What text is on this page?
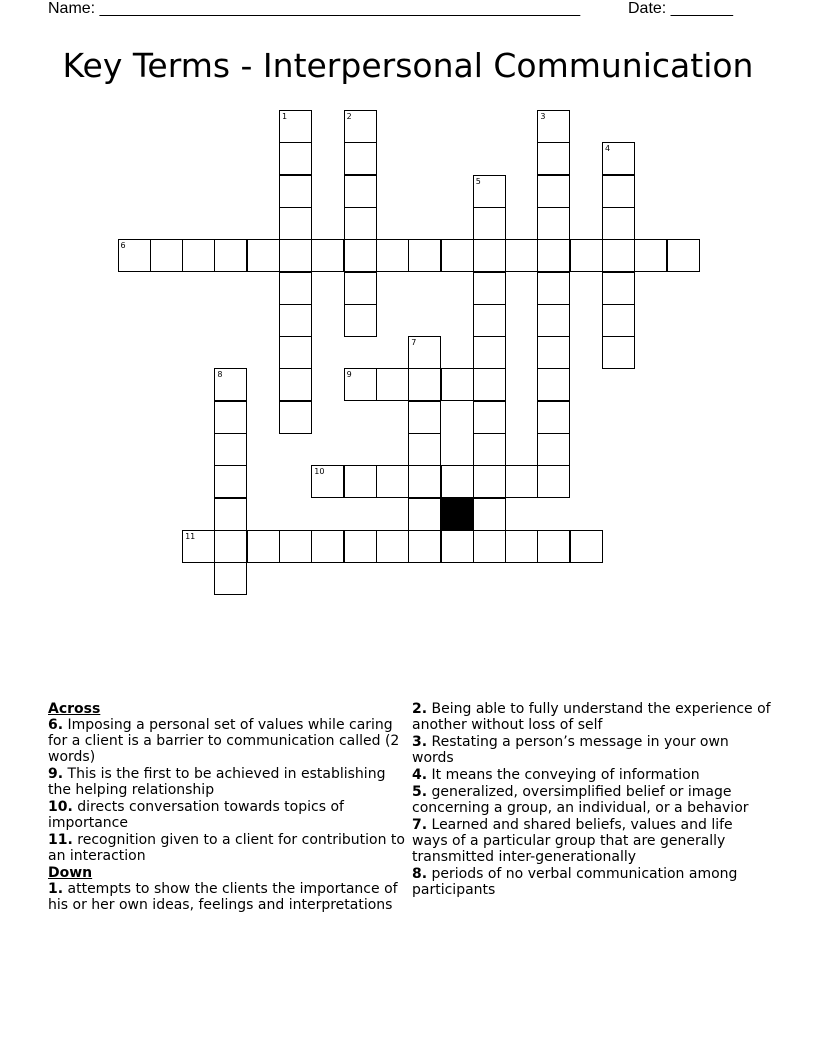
Name: ______________________________________________________	Date: _______
Key Terms - Interpersonal Communication
1	2	3
4
5
6
7
8	9
10
11
Across
6. Imposing a personal set of values while caring for a client is a barrier to communication called (2 words)
9. This is the first to be achieved in establishing the helping relationship
10. directs conversation towards topics of importance
11. recognition given to a client for contribution to an interaction
Down
1. attempts to show the clients the importance of his or her own ideas, feelings and interpretations
2. Being able to fully understand the experience of another without loss of self
3. Restating a person’s message in your own words
4. It means the conveying of information
5. generalized, oversimplified belief or image concerning a group, an individual, or a behavior
7. Learned and shared beliefs, values and life ways of a particular group that are generally transmitted inter-generationally
8. periods of no verbal communication among participants
